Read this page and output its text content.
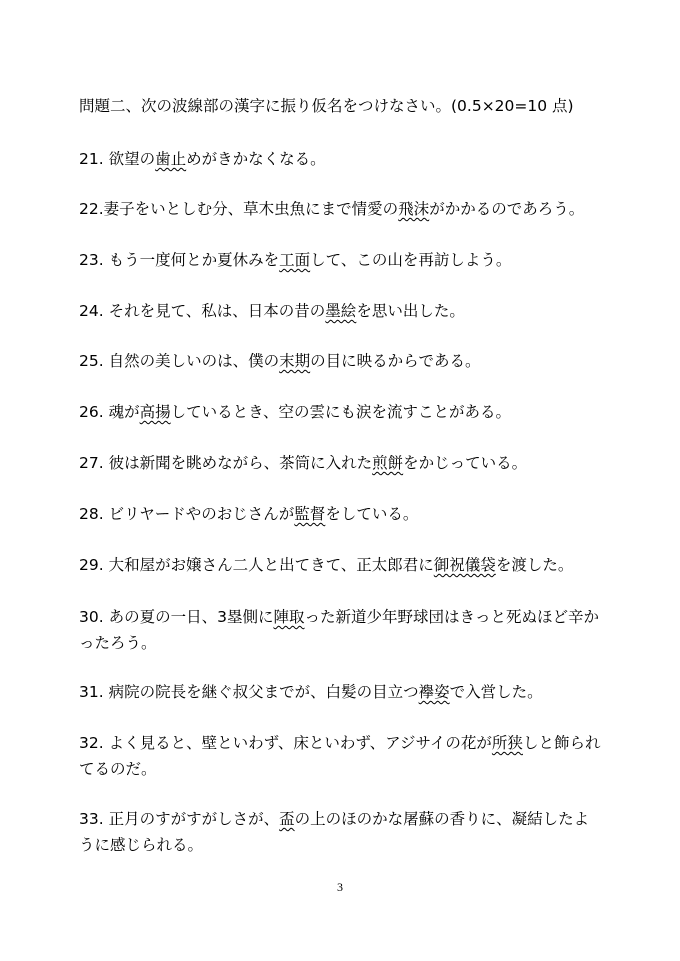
問題二、次の波線部の漢字に振り仮名をつけなさい。(0.5×20=10 点)
21. 欲望の歯止めがきかなくなる。
22.妻子をいとしむ分、草木虫魚にまで情愛の飛沫がかかるのであろう。
23. もう一度何とか夏休みを工面して、この山を再訪しよう。
24. それを見て、私は、日本の昔の墨絵を思い出した。
25. 自然の美しいのは、僕の末期の目に映るからである。
26. 魂が高揚しているとき、空の雲にも涙を流すことがある。
27. 彼は新聞を眺めながら、茶筒に入れた煎餅をかじっている。
28. ビリヤードやのおじさんが監督をしている。
29. 大和屋がお嬢さん二人と出てきて、正太郎君に御祝儀袋を渡した。
30. あの夏の一日、3塁側に陣取った新道少年野球団はきっと死ぬほど辛かったろう。
31. 病院の院長を継ぐ叔父までが、白髪の目立つ襷姿で入営した。
32. よく見ると、壁といわず、床といわず、アジサイの花が所狭しと飾られてるのだ。
33. 正月のすがすがしさが、盃の上のほのかな屠蘇の香りに、凝結したように感じられる。
3
